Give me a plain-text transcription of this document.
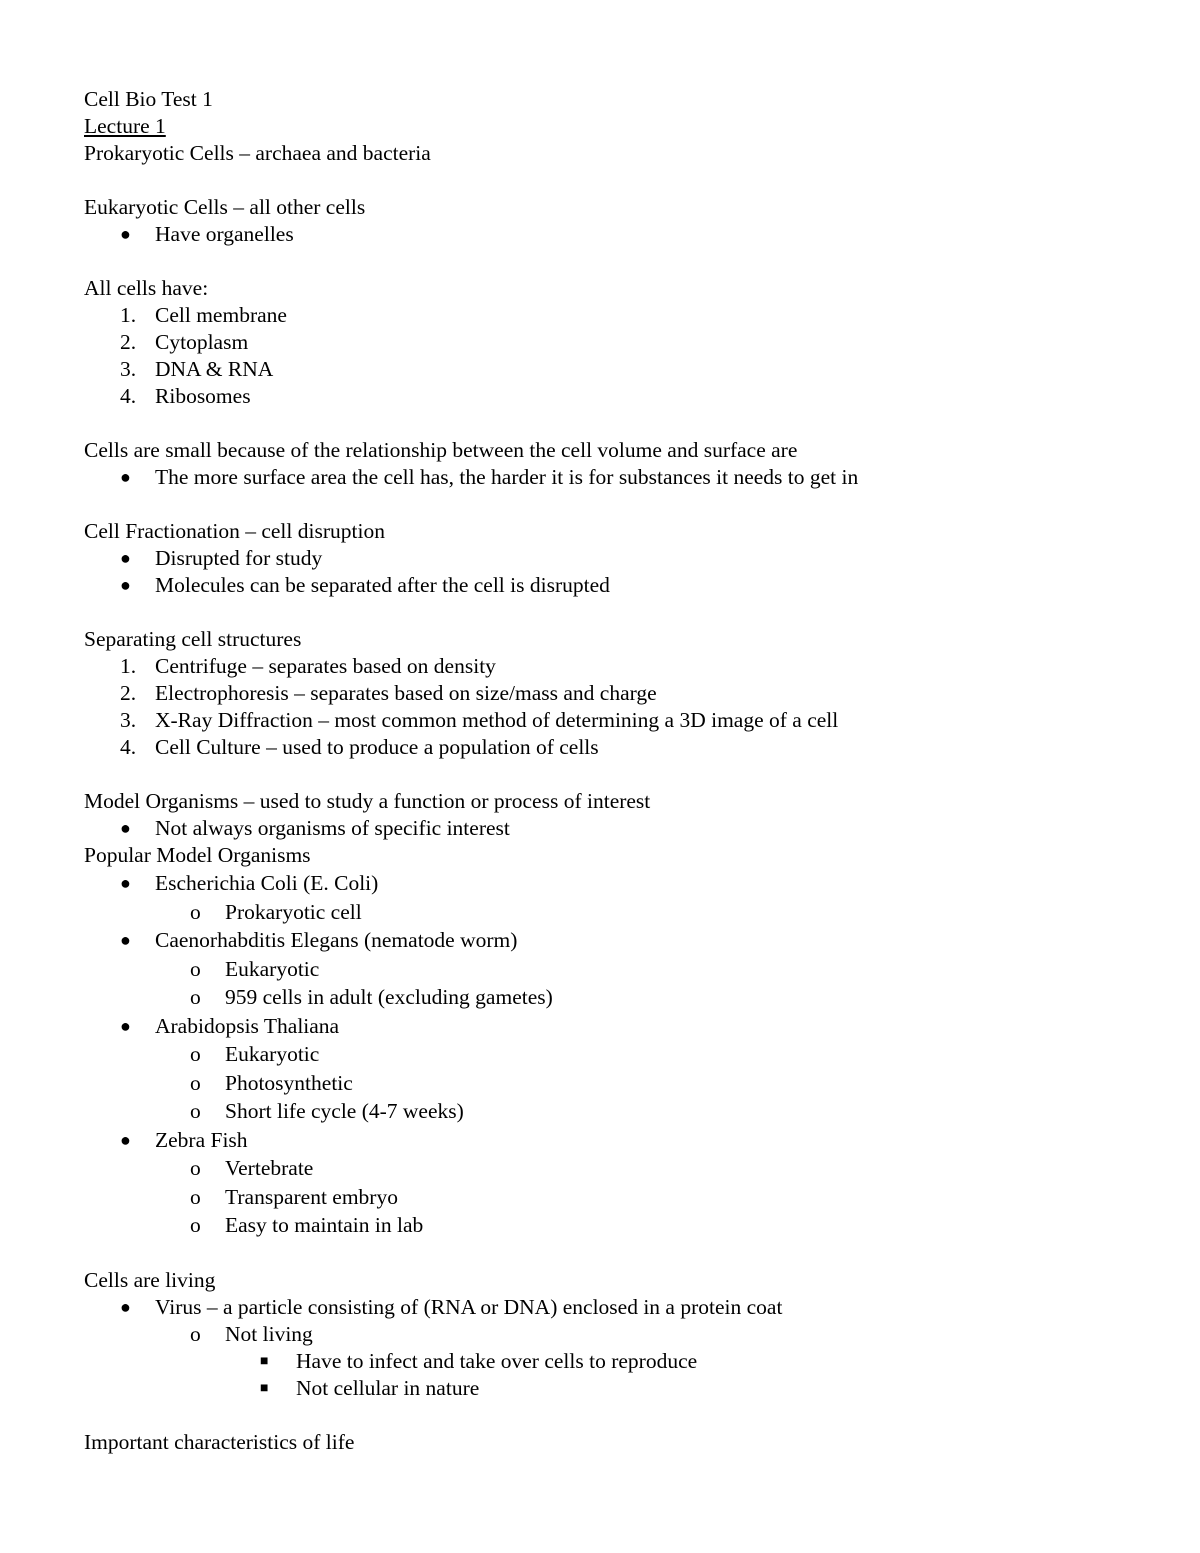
Cell Bio Test 1
Lecture 1
Prokaryotic Cells – archaea and bacteria
Eukaryotic Cells – all other cells
● Have organelles
All cells have:
1. Cell membrane
2. Cytoplasm
3. DNA & RNA
4. Ribosomes
Cells are small because of the relationship between the cell volume and surface are
● The more surface area the cell has, the harder it is for substances it needs to get in
Cell Fractionation – cell disruption
● Disrupted for study
● Molecules can be separated after the cell is disrupted
Separating cell structures
1. Centrifuge – separates based on density
2. Electrophoresis – separates based on size/mass and charge
3. X-Ray Diffraction – most common method of determining a 3D image of a cell
4. Cell Culture – used to produce a population of cells
Model Organisms – used to study a function or process of interest
● Not always organisms of specific interest
Popular Model Organisms
● Escherichia Coli (E. Coli)
o Prokaryotic cell
● Caenorhabditis Elegans (nematode worm)
o Eukaryotic
o 959 cells in adult (excluding gametes)
● Arabidopsis Thaliana
o Eukaryotic
o Photosynthetic
o Short life cycle (4-7 weeks)
● Zebra Fish
o Vertebrate
o Transparent embryo
o Easy to maintain in lab
Cells are living
● Virus – a particle consisting of (RNA or DNA) enclosed in a protein coat
o Not living
■ Have to infect and take over cells to reproduce
■ Not cellular in nature
Important characteristics of life
